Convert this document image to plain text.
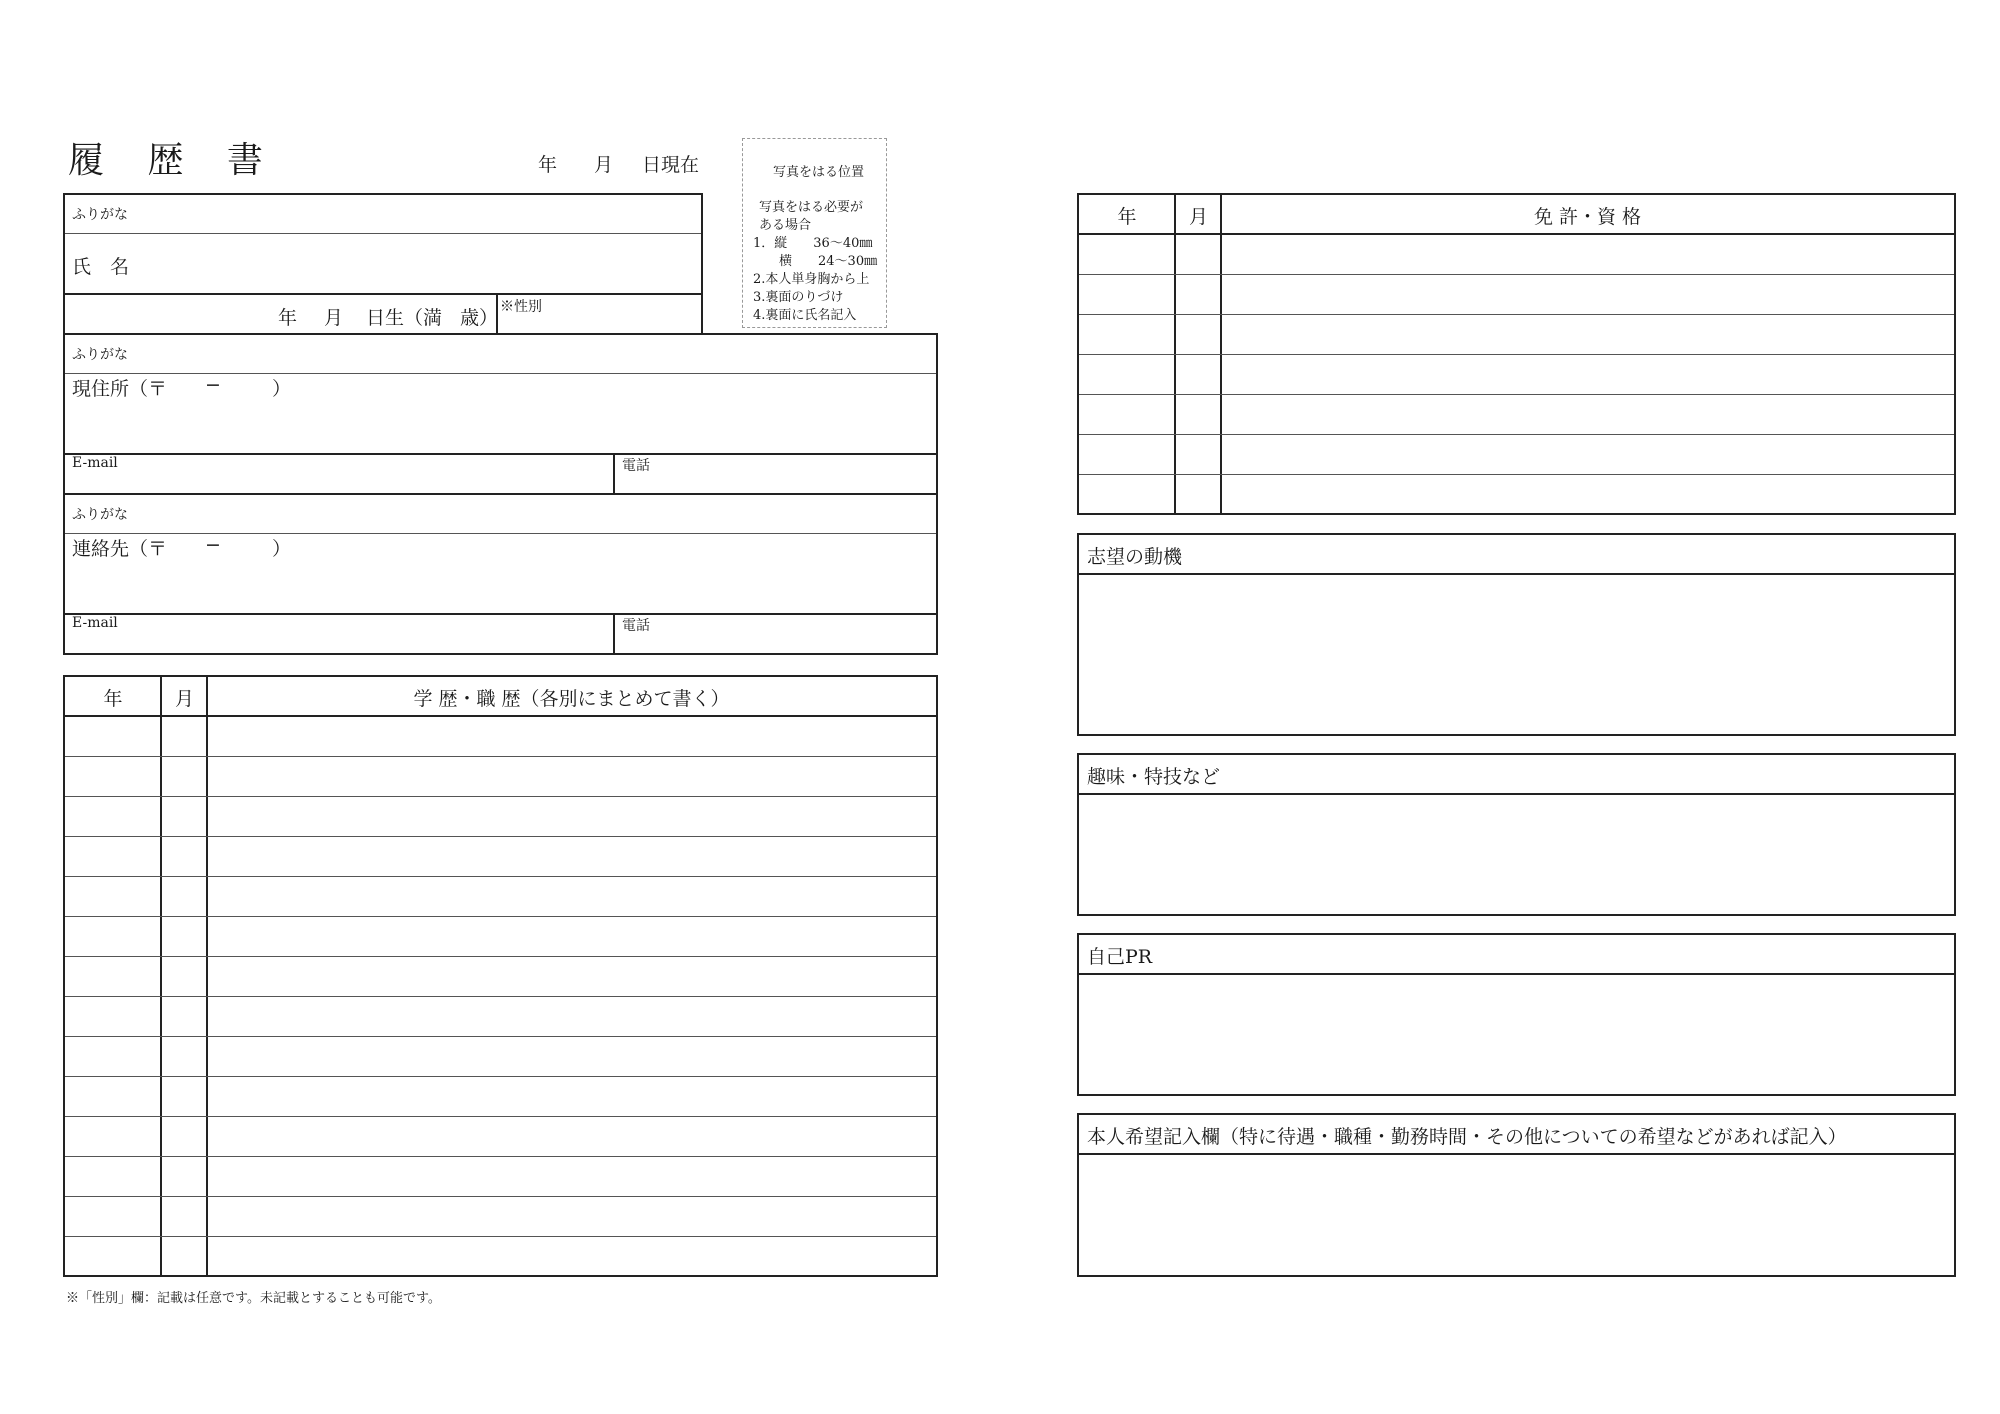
履 歴 書	年 月 日現在	写真をはる位置
写真をはる必要が
ある場合
1．縦　　36〜40㎜
　　横　　24〜30㎜
2.本人単身胸から上
3.裏面のりづけ
4.裏面に氏名記入
ふりがな
氏　名
年 月 日生（満 歳） ※性別
ふりがな
現住所（〒 −	）
E-mail	電話
ふりがな
連絡先（〒 −	）
E-mail	電話
年	月	学 歴・職 歴（各別にまとめて書く）
※「性別」欄：記載は任意です。未記載とすることも可能です。
年	月	免 許・資 格
志望の動機
趣味・特技など
自己PR
本人希望記入欄（特に待遇・職種・勤務時間・その他についての希望などがあれば記入）
